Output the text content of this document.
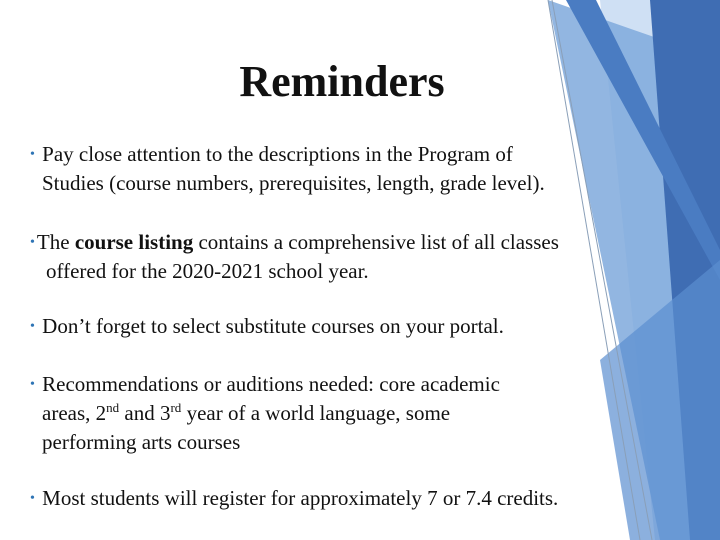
Reminders

• Pay close attention to the descriptions in the Program of
Studies (course numbers, prerequisites, length, grade level).

•The course listing contains a comprehensive list of all classes
offered for the 2020-2021 school year.

• Don’t forget to select substitute courses on your portal.

• Recommendations or auditions needed: core academic
areas, 2nd and 3rd year of a world language, some
performing arts courses

• Most students will register for approximately 7 or 7.4 credits.
